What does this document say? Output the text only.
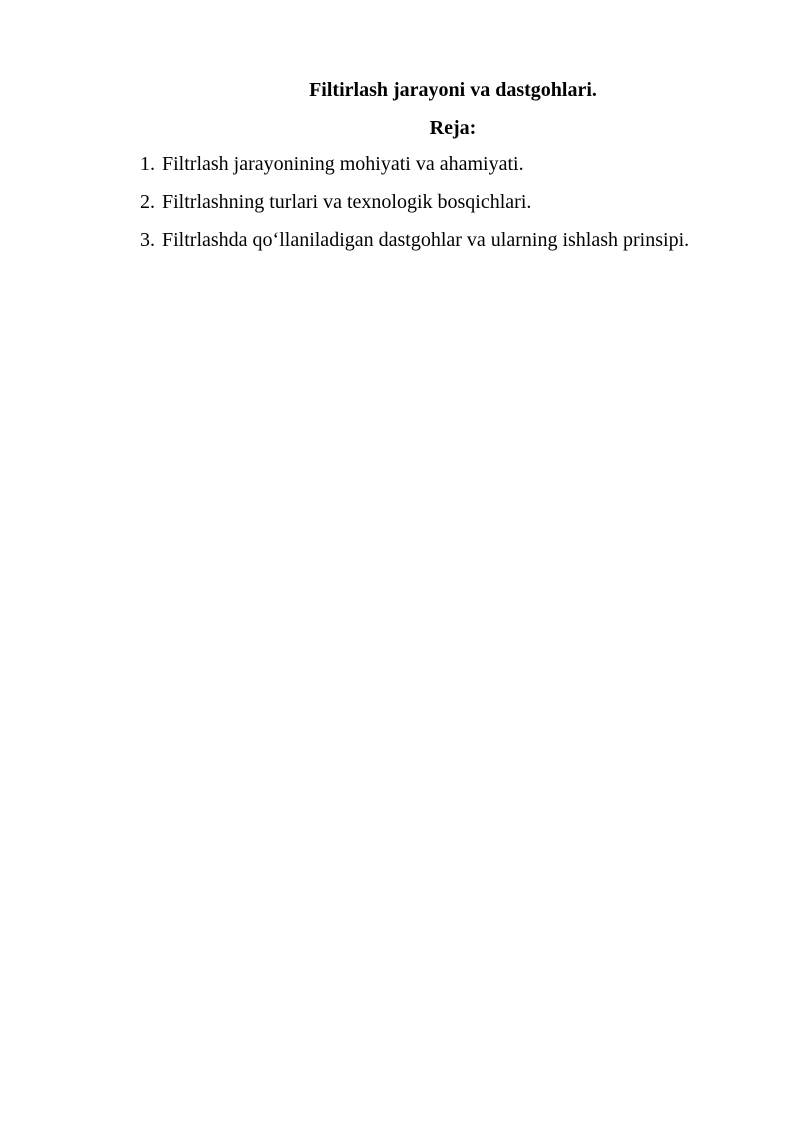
Filtirlash jarayoni va dastgohlari.
Reja:
1. Filtrlash jarayonining mohiyati va ahamiyati.
2. Filtrlashning turlari va texnologik bosqichlari.
3. Filtrlashda qo‘llaniladigan dastgohlar va ularning ishlash prinsipi.
